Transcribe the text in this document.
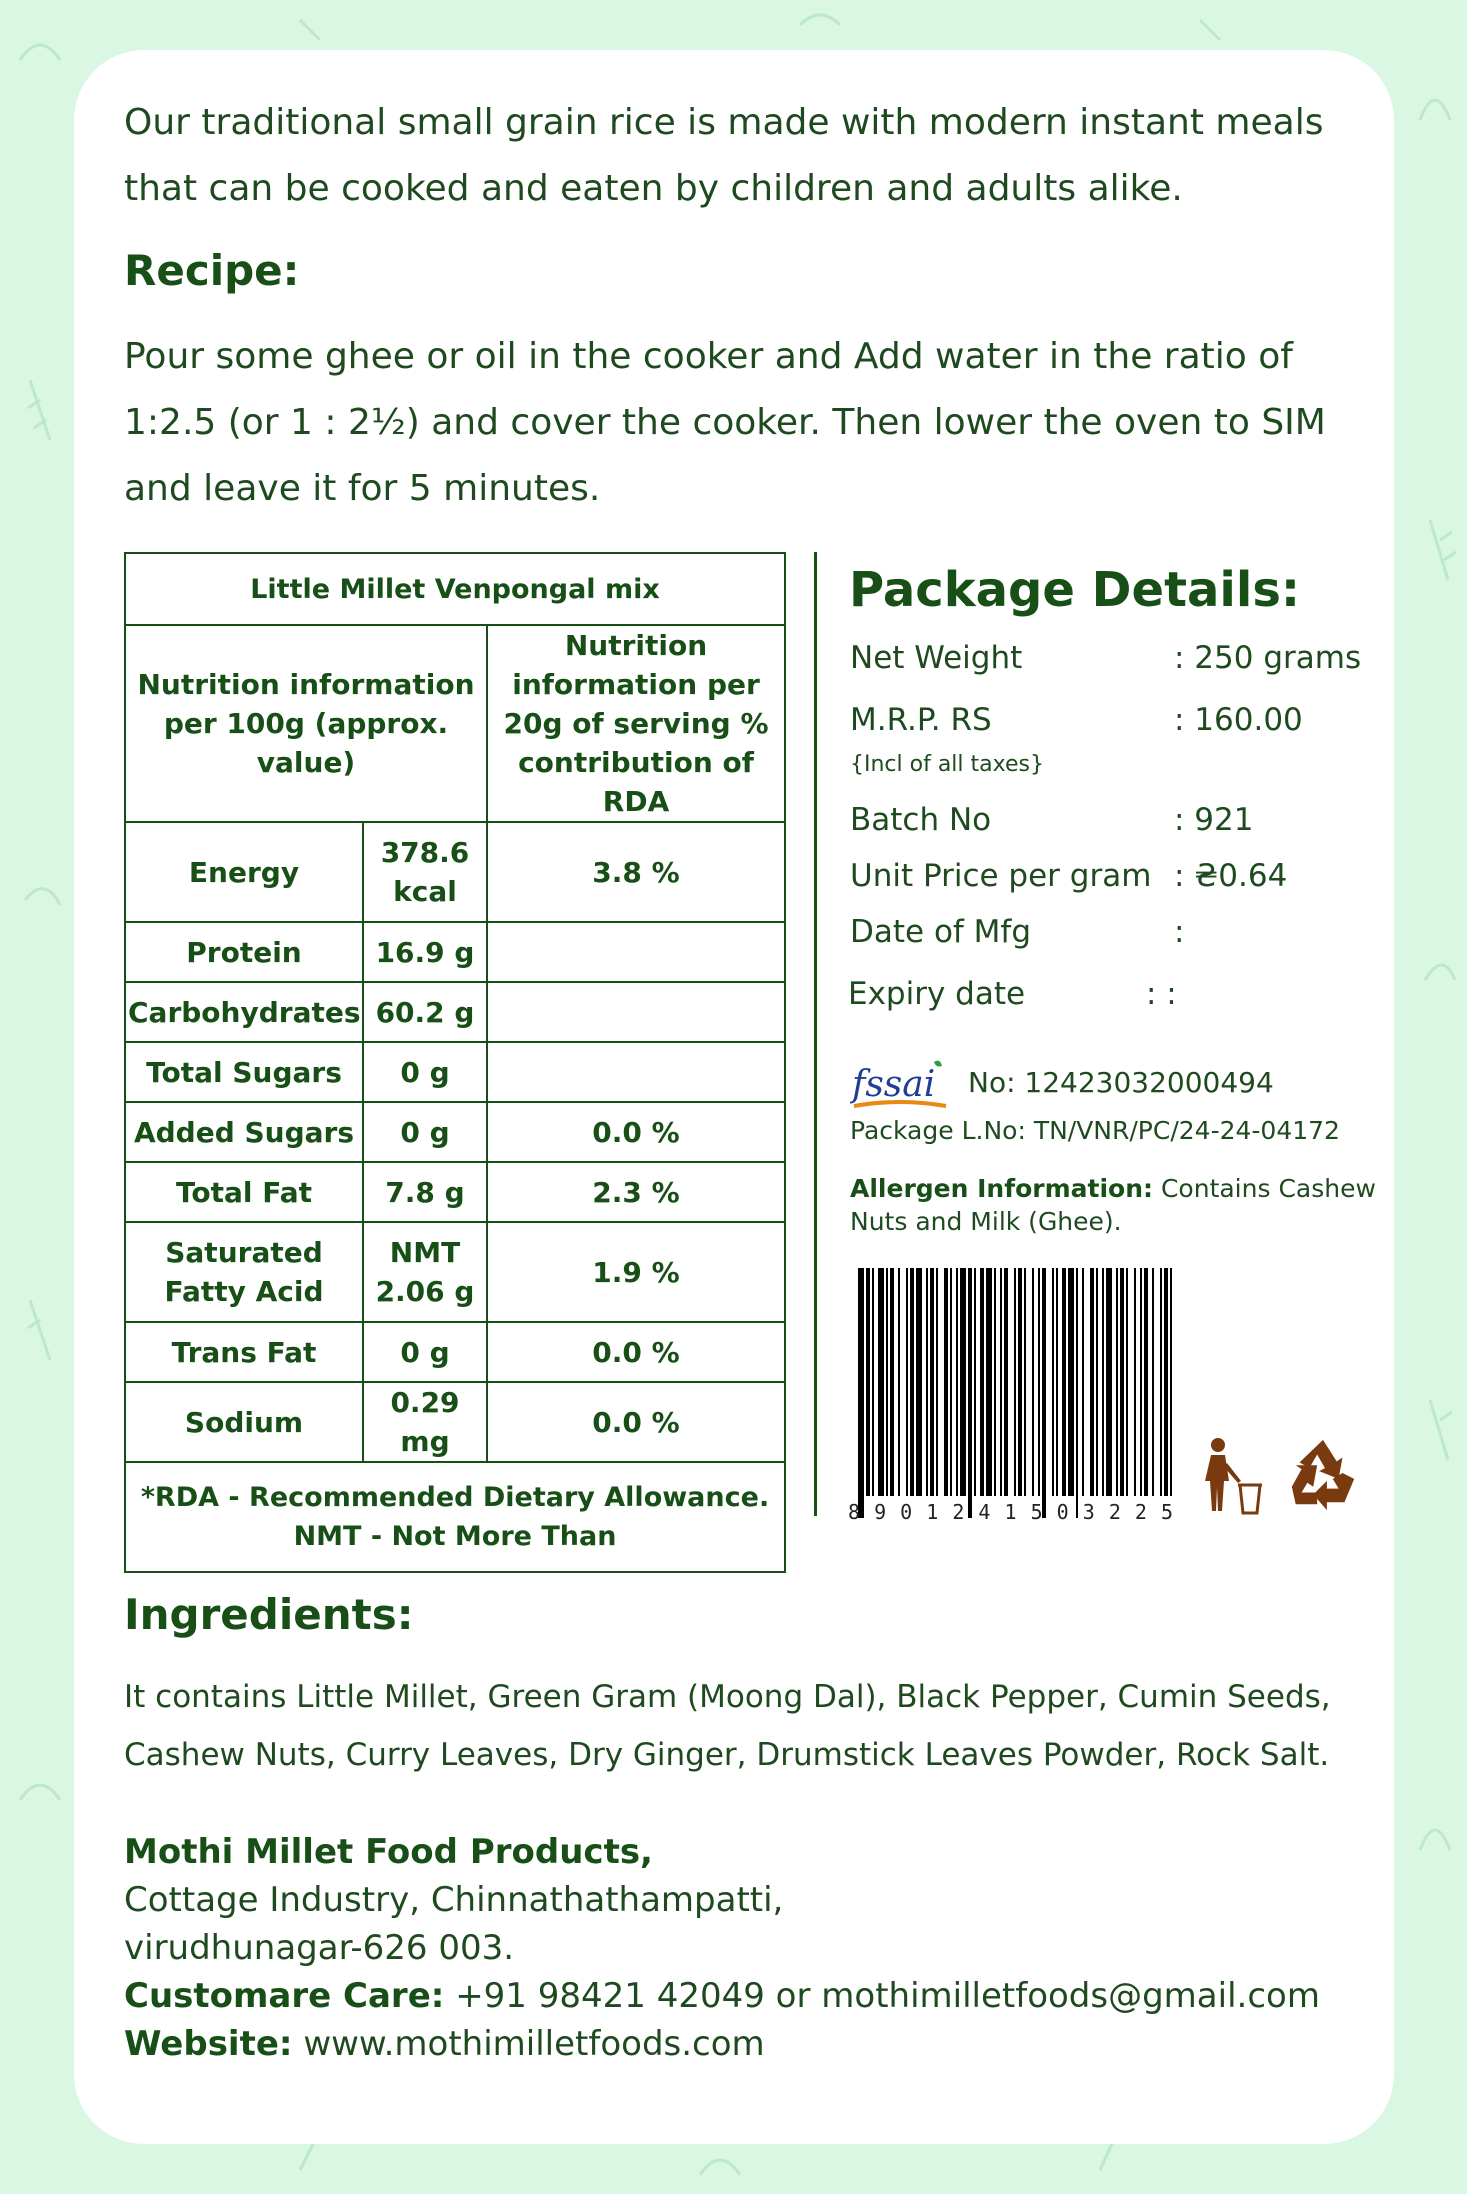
Our traditional small grain rice is made with modern instant meals that can be cooked and eaten by children and adults alike.
Recipe:
Pour some ghee or oil in the cooker and Add water in the ratio of 1:2.5 (or 1 : 2½) and cover the cooker. Then lower the oven to SIM and leave it for 5 minutes.
Little Millet Venpongal mix		
Nutrition information per 100g (approx. value)		Nutrition information per 20g of serving % contribution of RDA
Energy	378.6 kcal	3.8 %
Protein	16.9 g	
Carbohydrates	60.2 g	
Total Sugars	0 g	
Added Sugars	0 g	0.0 %
Total Fat	7.8 g	2.3 %
Saturated Fatty Acid	NMT 2.06 g	1.9 %
Trans Fat	0 g	0.0 %
Sodium	0.29 mg	0.0 %

*RDA - Recommended Dietary Allowance.
NMT - Not More Than		
Package Details:
Net Weight	: 250 grams
M.R.P. RS	: 160.00
{Incl of all taxes}
Batch No	: 921
Unit Price per gram : ₴0.64
Date of Mfg	:
Expiry date	: :
fssai No: 12423032000494
Package L.No: TN/VNR/PC/24-24-04172
Allergen Information: Contains Cashew Nuts and Milk (Ghee).
8 9 0 1 2 4 1 5 0 3 2 2 5
Ingredients:
It contains Little Millet, Green Gram (Moong Dal), Black Pepper, Cumin Seeds, Cashew Nuts, Curry Leaves, Dry Ginger, Drumstick Leaves Powder, Rock Salt.
Mothi Millet Food Products,
Cottage Industry, Chinnathathampatti,
virudhunagar-626 003.
Customare Care: +91 98421 42049 or mothimilletfoods@gmail.com
Website: www.mothimilletfoods.com
